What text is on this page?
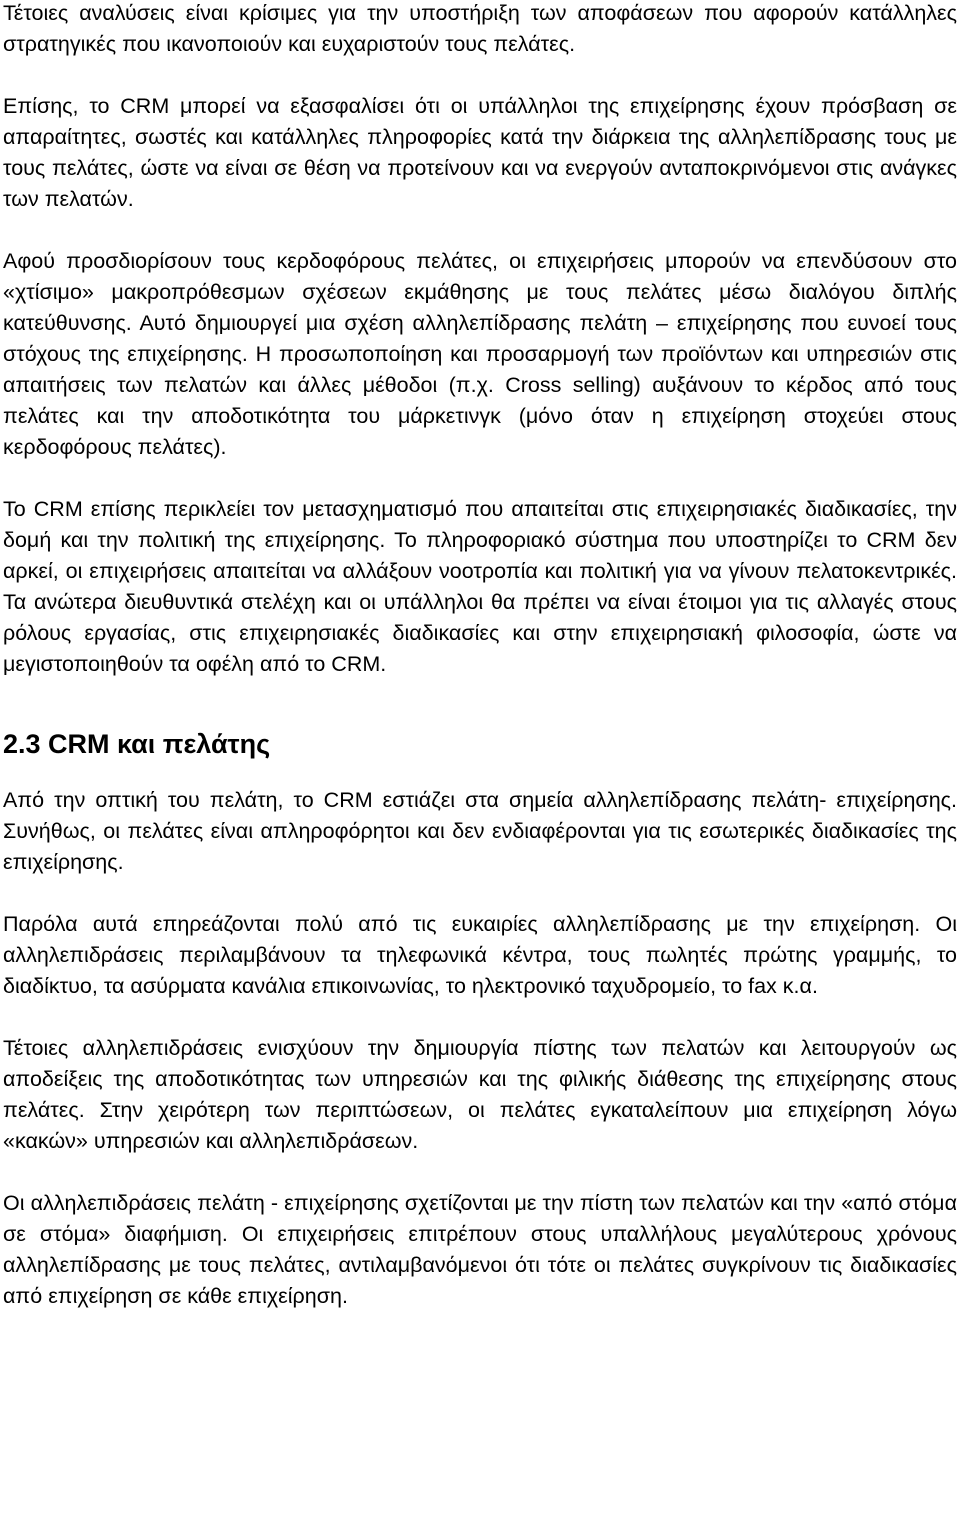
Τέτοιες αναλύσεις είναι κρίσιμες για την υποστήριξη των αποφάσεων που αφορούν κατάλληλες στρατηγικές που ικανοποιούν και ευχαριστούν τους πελάτες.

Επίσης, το CRM μπορεί να εξασφαλίσει ότι οι υπάλληλοι της επιχείρησης έχουν πρόσβαση σε απαραίτητες, σωστές και κατάλληλες πληροφορίες κατά την διάρκεια της αλληλεπίδρασης τους με τους πελάτες, ώστε να είναι σε θέση να προτείνουν και να ενεργούν ανταποκρινόμενοι στις ανάγκες των πελατών.

Αφού προσδιορίσουν τους κερδοφόρους πελάτες, οι επιχειρήσεις μπορούν να επενδύσουν στο «χτίσιμο» μακροπρόθεσμων σχέσεων εκμάθησης με τους πελάτες μέσω διαλόγου διπλής κατεύθυνσης. Αυτό δημιουργεί μια σχέση αλληλεπίδρασης πελάτη – επιχείρησης που ευνοεί τους στόχους της επιχείρησης. Η προσωποποίηση και προσαρμογή των προϊόντων και υπηρεσιών στις απαιτήσεις των πελατών και άλλες μέθοδοι (π.χ. Cross selling) αυξάνουν το κέρδος από τους πελάτες και την αποδοτικότητα του μάρκετινγκ (μόνο όταν η επιχείρηση στοχεύει στους κερδοφόρους πελάτες).

Το CRM επίσης περικλείει τον μετασχηματισμό που απαιτείται στις επιχειρησιακές διαδικασίες, την δομή και την πολιτική της επιχείρησης. Το πληροφοριακό σύστημα που υποστηρίζει το CRM δεν αρκεί, οι επιχειρήσεις απαιτείται να αλλάξουν νοοτροπία και πολιτική για να γίνουν πελατοκεντρικές. Τα ανώτερα διευθυντικά στελέχη και οι υπάλληλοι θα πρέπει να είναι έτοιμοι για τις αλλαγές στους ρόλους εργασίας, στις επιχειρησιακές διαδικασίες και στην επιχειρησιακή φιλοσοφία, ώστε να μεγιστοποιηθούν τα οφέλη από το CRM.

2.3 CRM και πελάτης

Από την οπτική του πελάτη, το CRM εστιάζει στα σημεία αλληλεπίδρασης πελάτη- επιχείρησης. Συνήθως, οι πελάτες είναι απληροφόρητοι και δεν ενδιαφέρονται για τις εσωτερικές διαδικασίες της επιχείρησης.

Παρόλα αυτά επηρεάζονται πολύ από τις ευκαιρίες αλληλεπίδρασης με την επιχείρηση. Οι αλληλεπιδράσεις περιλαμβάνουν τα τηλεφωνικά κέντρα, τους πωλητές πρώτης γραμμής, το διαδίκτυο, τα ασύρματα κανάλια επικοινωνίας, το ηλεκτρονικό ταχυδρομείο, το fax κ.α.

Τέτοιες αλληλεπιδράσεις ενισχύουν την δημιουργία πίστης των πελατών και λειτουργούν ως αποδείξεις της αποδοτικότητας των υπηρεσιών και της φιλικής διάθεσης της επιχείρησης στους πελάτες. Στην χειρότερη των περιπτώσεων, οι πελάτες εγκαταλείπουν μια επιχείρηση λόγω «κακών» υπηρεσιών και αλληλεπιδράσεων.

Οι αλληλεπιδράσεις πελάτη - επιχείρησης σχετίζονται με την πίστη των πελατών και την «από στόμα σε στόμα» διαφήμιση. Οι επιχειρήσεις επιτρέπουν στους υπαλλήλους μεγαλύτερους χρόνους αλληλεπίδρασης με τους πελάτες, αντιλαμβανόμενοι ότι τότε οι πελάτες συγκρίνουν τις διαδικασίες από επιχείρηση σε κάθε επιχείρηση.
